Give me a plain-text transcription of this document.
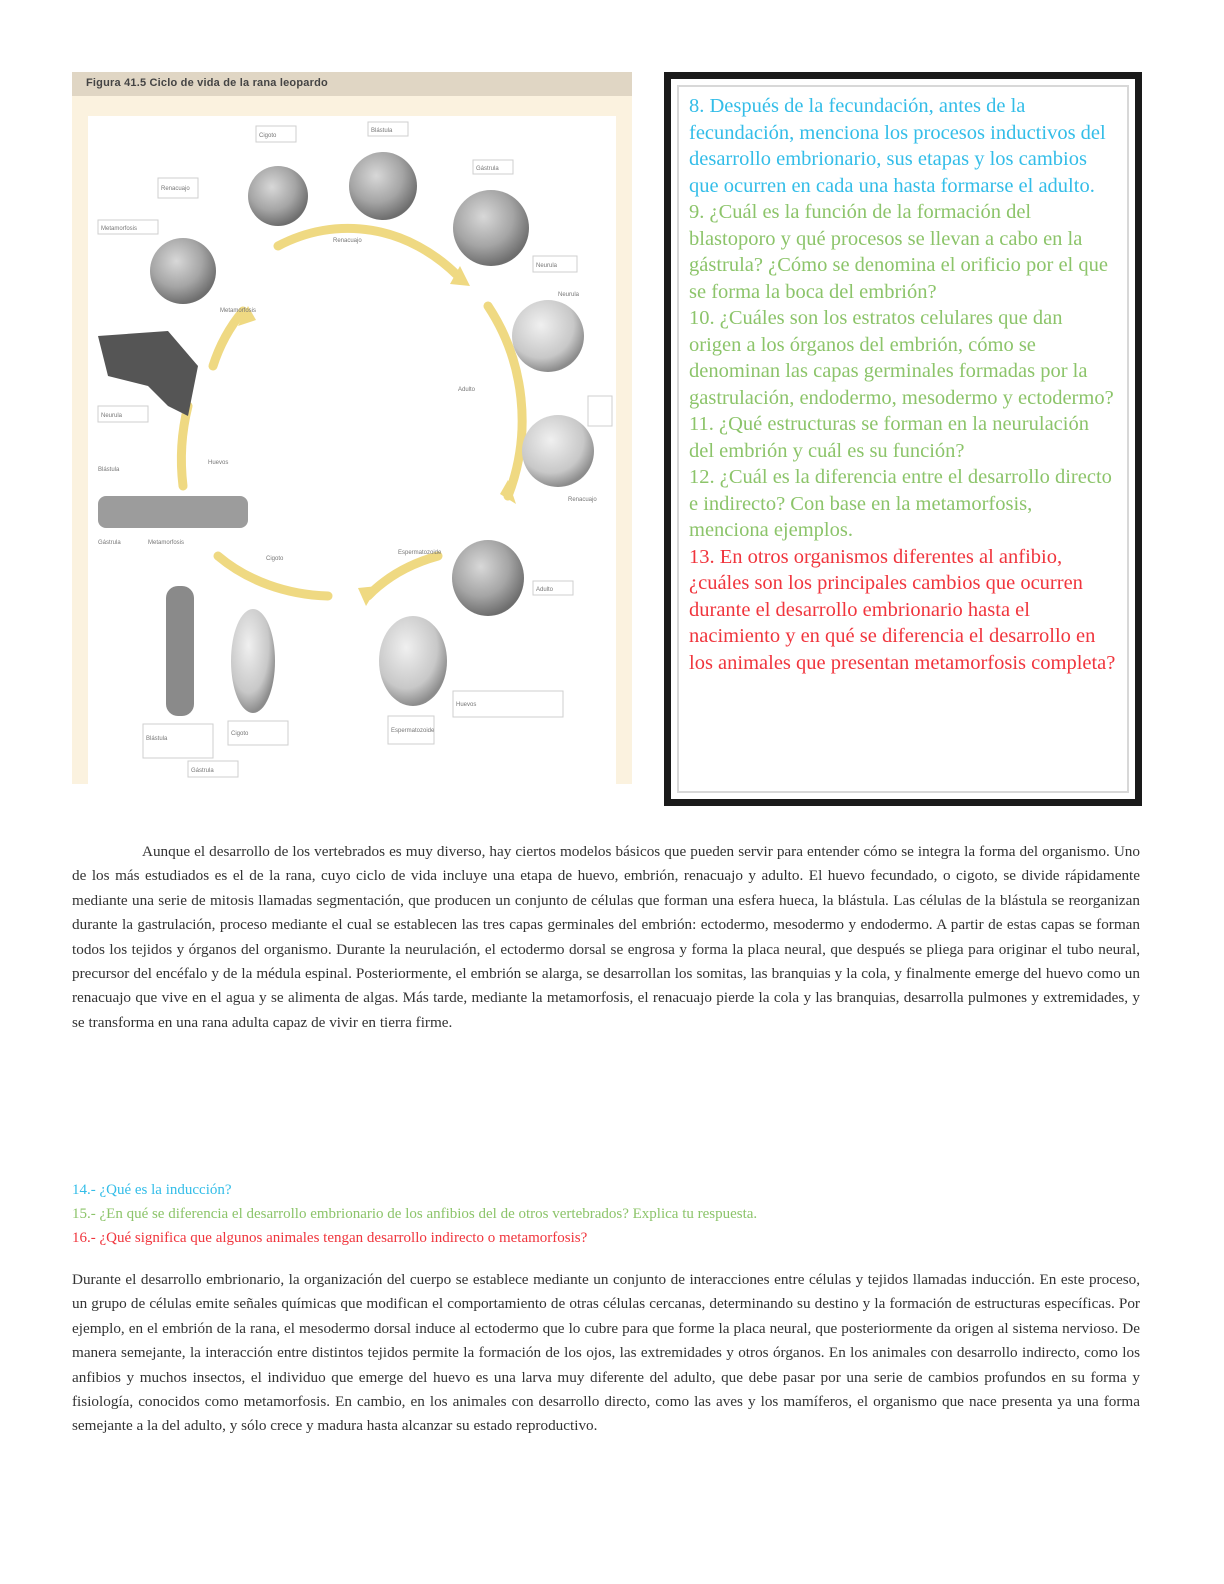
Figura 41.5 Ciclo de vida de la rana leopardo
Cigoto
Blástula
Gástrula
Neurula
Renacuajo
Metamorfosis
Adulto
Huevos
Espermatozoide
Cigoto
Blástula
Gástrula
Neurula
Renacuajo
Metamorfosis
Adulto
Huevos
Espermatozoide
Cigoto
Blástula
Gástrula
Neurula
Renacuajo
Metamorfosis

8. Después de la fecundación, antes de la fecundación, menciona los procesos inductivos del desarrollo embrionario, sus etapas y los cambios que ocurren en cada una hasta formarse el adulto.

9. ¿Cuál es la función de la formación del blastoporo y qué procesos se llevan a cabo en la gástrula? ¿Cómo se denomina el orificio por el que se forma la boca del embrión?

10. ¿Cuáles son los estratos celulares que dan origen a los órganos del embrión, cómo se denominan las capas germinales formadas por la gastrulación, endodermo, mesodermo y ectodermo?

11. ¿Qué estructuras se forman en la neurulación del embrión y cuál es su función?

12. ¿Cuál es la diferencia entre el desarrollo directo e indirecto? Con base en la metamorfosis, menciona ejemplos.

13. En otros organismos diferentes al anfibio, ¿cuáles son los principales cambios que ocurren durante el desarrollo embrionario hasta el nacimiento y en qué se diferencia el desarrollo en los animales que presentan metamorfosis completa?

Aunque el desarrollo de los vertebrados es muy diverso, hay ciertos modelos básicos que pueden servir para entender cómo se integra la forma del organismo. Uno de los más estudiados es el de la rana, cuyo ciclo de vida incluye una etapa de huevo, embrión, renacuajo y adulto. El huevo fecundado, o cigoto, se divide rápidamente mediante una serie de mitosis llamadas segmentación, que producen un conjunto de células que forman una esfera hueca, la blástula. Las células de la blástula se reorganizan durante la gastrulación, proceso mediante el cual se establecen las tres capas germinales del embrión: ectodermo, mesodermo y endodermo. A partir de estas capas se forman todos los tejidos y órganos del organismo. Durante la neurulación, el ectodermo dorsal se engrosa y forma la placa neural, que después se pliega para originar el tubo neural, precursor del encéfalo y de la médula espinal. Posteriormente, el embrión se alarga, se desarrollan los somitas, las branquias y la cola, y finalmente emerge del huevo como un renacuajo que vive en el agua y se alimenta de algas. Más tarde, mediante la metamorfosis, el renacuajo pierde la cola y las branquias, desarrolla pulmones y extremidades, y se transforma en una rana adulta capaz de vivir en tierra firme.

14.- ¿Qué es la inducción?

15.- ¿En qué se diferencia el desarrollo embrionario de los anfibios del de otros vertebrados? Explica tu respuesta.

16.- ¿Qué significa que algunos animales tengan desarrollo indirecto o metamorfosis?

Durante el desarrollo embrionario, la organización del cuerpo se establece mediante un conjunto de interacciones entre células y tejidos llamadas inducción. En este proceso, un grupo de células emite señales químicas que modifican el comportamiento de otras células cercanas, determinando su destino y la formación de estructuras específicas. Por ejemplo, en el embrión de la rana, el mesodermo dorsal induce al ectodermo que lo cubre para que forme la placa neural, que posteriormente da origen al sistema nervioso. De manera semejante, la interacción entre distintos tejidos permite la formación de los ojos, las extremidades y otros órganos. En los animales con desarrollo indirecto, como los anfibios y muchos insectos, el individuo que emerge del huevo es una larva muy diferente del adulto, que debe pasar por una serie de cambios profundos en su forma y fisiología, conocidos como metamorfosis. En cambio, en los animales con desarrollo directo, como las aves y los mamíferos, el organismo que nace presenta ya una forma semejante a la del adulto, y sólo crece y madura hasta alcanzar su estado reproductivo.
